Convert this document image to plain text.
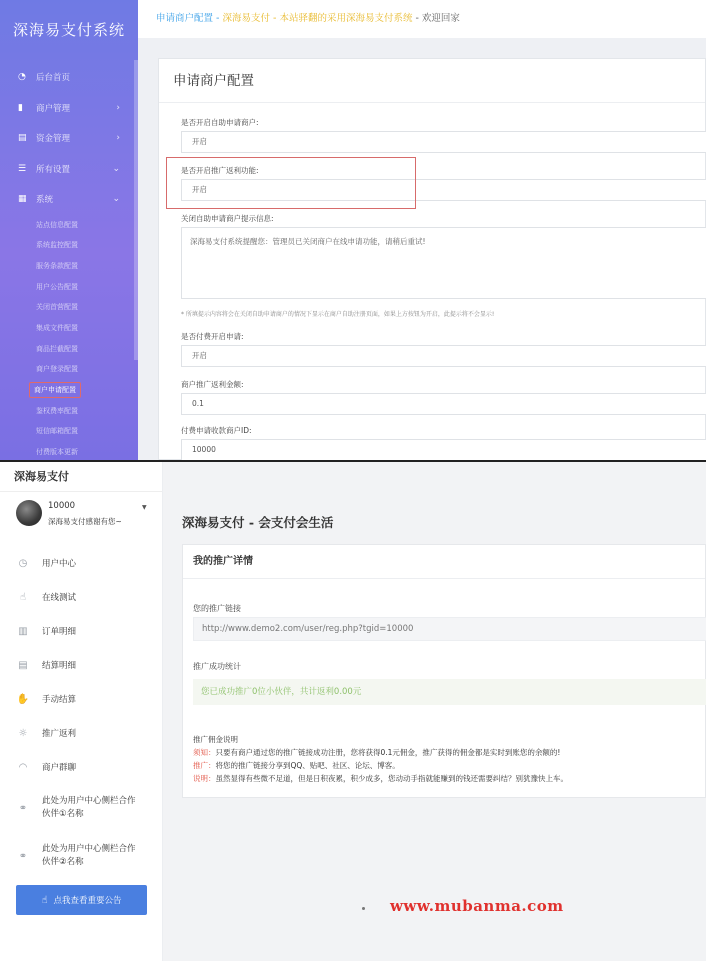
深海易支付系统
◔	后台首页
▮	商户管理	›
▤	资金管理	›
☰	所有设置	⌄
▦	系统	⌄
站点信息配置
系统监控配置
服务条款配置
用户公告配置
关闭首营配置
集成文件配置
商品拦截配置
商户登录配置
商户申请配置
鉴权费率配置
短信邮箱配置
付费版本更新
申请商户配置 - 深海易支付 - 本站驿翻的采用深海易支付系统 - 欢迎回家
申请商户配置
是否开启自助申请商户:
开启
是否开启推广返利功能:
开启
关闭自助申请商户提示信息:
深海易支付系统提醒您：管理员已关闭商户在线申请功能，请稍后重试!
* 所填提示内容将会在关闭自助申请商户的情况下显示在商户自助注册页面，如果上方按钮为开启，此提示将不会显示!
是否付费开启申请:
开启
商户推广返利金额:
0.1
付费申请收款商户ID:
10000
深海易支付
10000
深海易支付感谢有您~
▼
◷	用户中心
☝	在线测试
▥ 订单明细
▤ 结算明细
✋ 手动结算
☼ 推广返利
◠	商户群聊
⚭
此处为用户中心侧栏合作
伙伴①名称
⚭
此处为用户中心侧栏合作
伙伴②名称
☝ 点我查看重要公告
深海易支付 - 会支付会生活
我的推广详情
您的推广链接
http://www.demo2.com/user/reg.php?tgid=10000
推广成功统计
您已成功推广0位小伙伴，共计返利0.00元
推广佣金说明
须知：只要有商户通过您的推广链接成功注册，您将获得0.1元佣金，推广获得的佣金都是实时到账您的余额的!
推广：将您的推广链接分享到QQ、贴吧、社区、论坛、博客。
说明：虽然显得有些微不足道，但是日积夜累，积少成多，您动动手指就能赚到的钱还需要纠结？别犹豫快上车。
www.mubanma.com
